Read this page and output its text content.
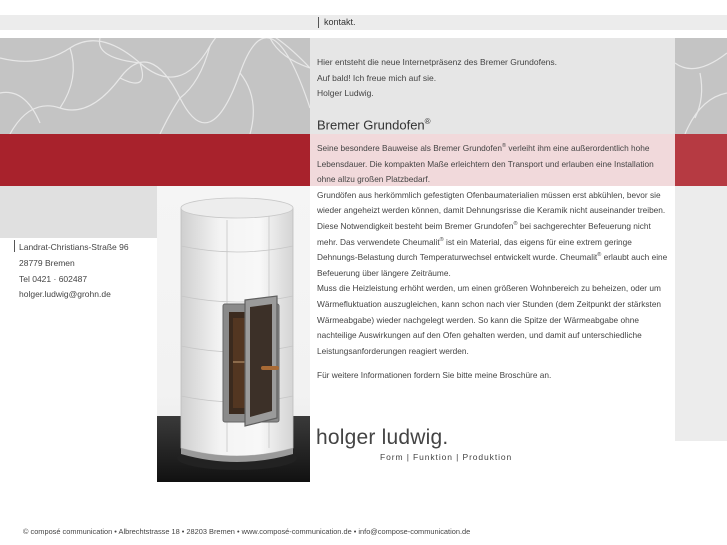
kontakt.
Hier entsteht die neue Internetpräsenz des Bremer Grundofens.
Auf bald! Ich freue mich auf sie.
Holger Ludwig.
Bremer Grundofen®

Seine besondere Bauweise als Bremer Grundofen® verleiht ihm eine außerordentlich hohe Lebensdauer. Die kompakten Maße erleichtern den Transport und erlauben eine Installation ohne allzu großen Platzbedarf.

Grundöfen aus herkömmlich gefestigten Ofenbaumaterialien müssen erst abkühlen, bevor sie wieder angeheizt werden können, damit Dehnungsrisse die Keramik nicht auseinander treiben.

Diese Notwendigkeit besteht beim Bremer Grundofen® bei sachgerechter Befeuerung nicht mehr. Das verwendete Cheumalit® ist ein Material, das eigens für eine extrem geringe Dehnungs-Belastung durch Temperaturwechsel entwickelt wurde. Cheumalit® erlaubt auch eine Befeuerung über längere Zeiträume.

Muss die Heizleistung erhöht werden, um einen größeren Wohnbereich zu beheizen, oder um Wärmefluktuation auszugleichen, kann schon nach vier Stunden (dem Zeitpunkt der stärksten Wärmeabgabe) wieder nachgelegt werden. So kann die Spitze der Wärmeabgabe ohne nachteilige Auswirkungen auf den Ofen gehalten werden, und damit auf unterschiedliche Leistungsanforderungen reagiert werden.

Für weitere Informationen fordern Sie bitte meine Broschüre an.

Landrat-Christians-Straße 96
28779 Bremen
Tel 0421 · 602487
holger.ludwig@grohn.de
holger ludwig.
Form | Funktion | Produktion
© composé communication • Albrechtstrasse 18 • 28203 Bremen • www.composé-communication.de • info@compose-communication.de
